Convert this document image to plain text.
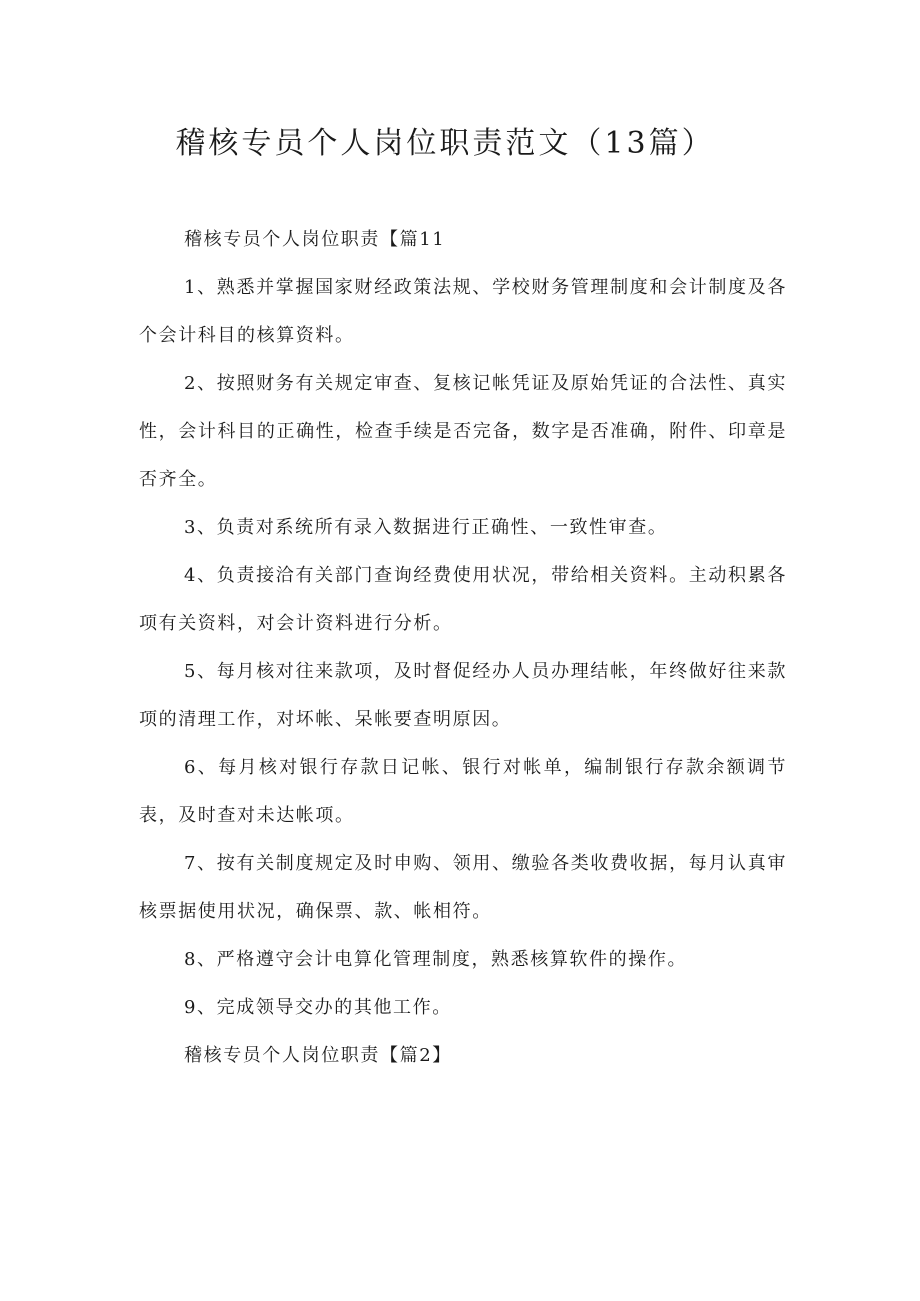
稽核专员个人岗位职责范文（13篇）

稽核专员个人岗位职责【篇11

1、熟悉并掌握国家财经政策法规、学校财务管理制度和会计制度及各个会计科目的核算资料。

2、按照财务有关规定审查、复核记帐凭证及原始凭证的合法性、真实性，会计科目的正确性，检查手续是否完备，数字是否准确，附件、印章是否齐全。

3、负责对系统所有录入数据进行正确性、一致性审查。

4、负责接洽有关部门查询经费使用状况，带给相关资料。主动积累各项有关资料，对会计资料进行分析。

5、每月核对往来款项，及时督促经办人员办理结帐，年终做好往来款项的清理工作，对坏帐、呆帐要查明原因。

6、每月核对银行存款日记帐、银行对帐单，编制银行存款余额调节表，及时查对未达帐项。

7、按有关制度规定及时申购、领用、缴验各类收费收据，每月认真审核票据使用状况，确保票、款、帐相符。

8、严格遵守会计电算化管理制度，熟悉核算软件的操作。

9、完成领导交办的其他工作。

稽核专员个人岗位职责【篇2】
